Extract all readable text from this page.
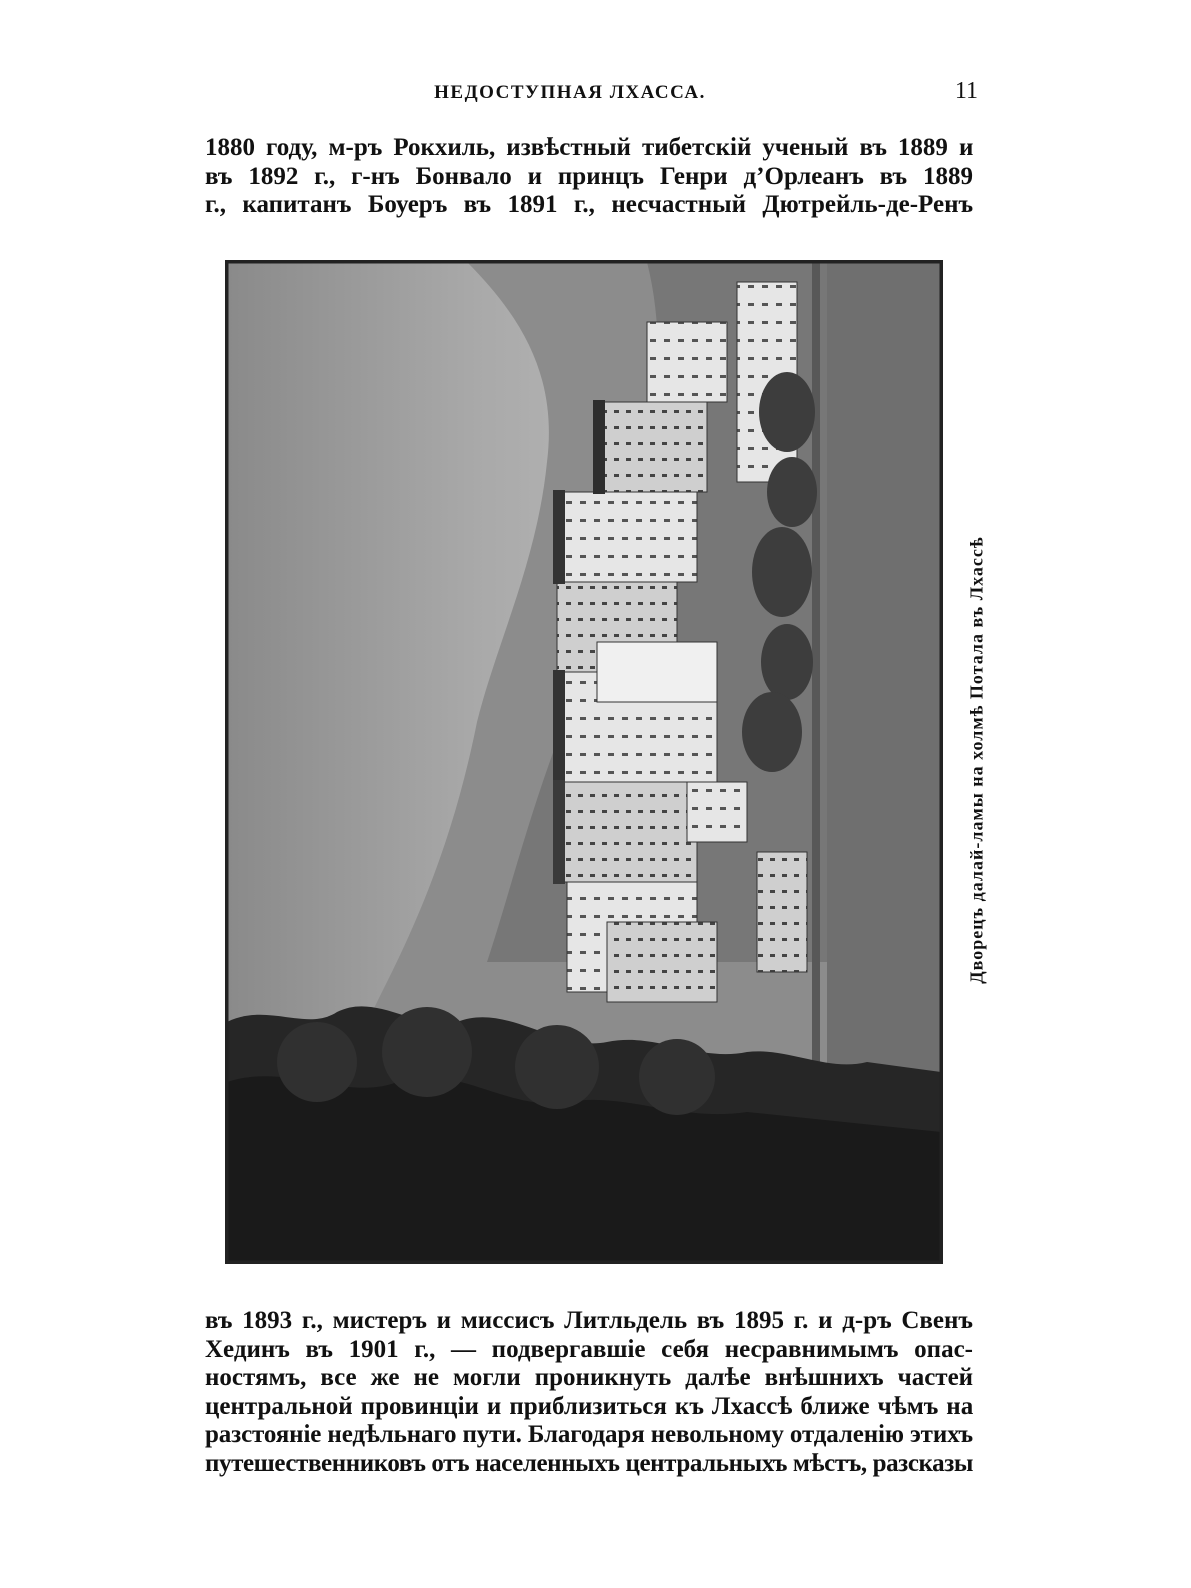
НЕДОСТУПНАЯ ЛХАССА.	11
1880 году, м-ръ Рокхиль, извѣстный тибетскій ученый въ 1889 и
въ 1892 г., г-нъ Бонвало и принцъ Генри д’Орлеанъ въ 1889
г., капитанъ Боуеръ въ 1891 г., несчастный Дютрейль-де-Ренъ
Дворецъ далай-ламы на холмѣ Потала въ Лхассѣ
въ 1893 г., мистеръ и миссисъ Литльдель въ 1895 г. и д-ръ Свенъ
Хединъ въ 1901 г., — подвергавшіе себя несравнимымъ опас-
ностямъ, все же не могли проникнуть далѣе внѣшнихъ частей
центральной провинціи и приблизиться къ Лхассѣ ближе чѣмъ на
разстояніе недѣльнаго пути. Благодаря невольному отдаленію этихъ
путешественниковъ отъ населенныхъ центральныхъ мѣстъ, разсказы
